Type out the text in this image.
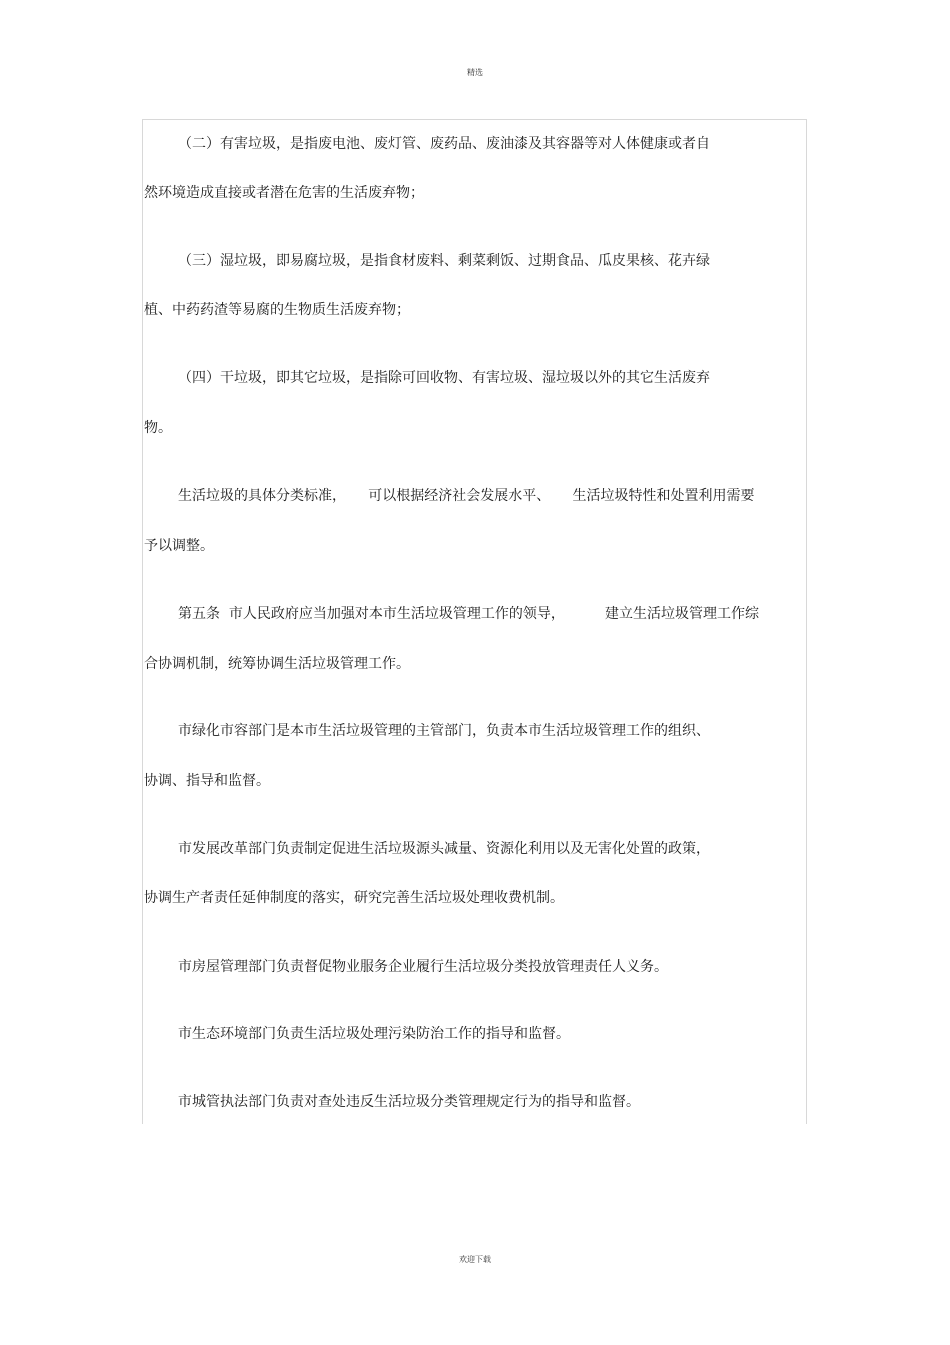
精选
（二）有害垃圾，是指废电池、废灯管、废药品、废油漆及其容器等对人体健康或者自
然环境造成直接或者潜在危害的生活废弃物；
（三）湿垃圾，即易腐垃圾，是指食材废料、剩菜剩饭、过期食品、瓜皮果核、花卉绿
植、中药药渣等易腐的生物质生活废弃物；
（四）干垃圾，即其它垃圾，是指除可回收物、有害垃圾、湿垃圾以外的其它生活废弃
物。
生活垃圾的具体分类标准，     可以根据经济社会发展水平、     生活垃圾特性和处置利用需要
予以调整。
第五条  市人民政府应当加强对本市生活垃圾管理工作的领导，         建立生活垃圾管理工作综
合协调机制，统筹协调生活垃圾管理工作。
市绿化市容部门是本市生活垃圾管理的主管部门，负责本市生活垃圾管理工作的组织、
协调、指导和监督。
市发展改革部门负责制定促进生活垃圾源头减量、资源化利用以及无害化处置的政策，
协调生产者责任延伸制度的落实，研究完善生活垃圾处理收费机制。
市房屋管理部门负责督促物业服务企业履行生活垃圾分类投放管理责任人义务。
市生态环境部门负责生活垃圾处理污染防治工作的指导和监督。
市城管执法部门负责对查处违反生活垃圾分类管理规定行为的指导和监督。
欢迎下载
